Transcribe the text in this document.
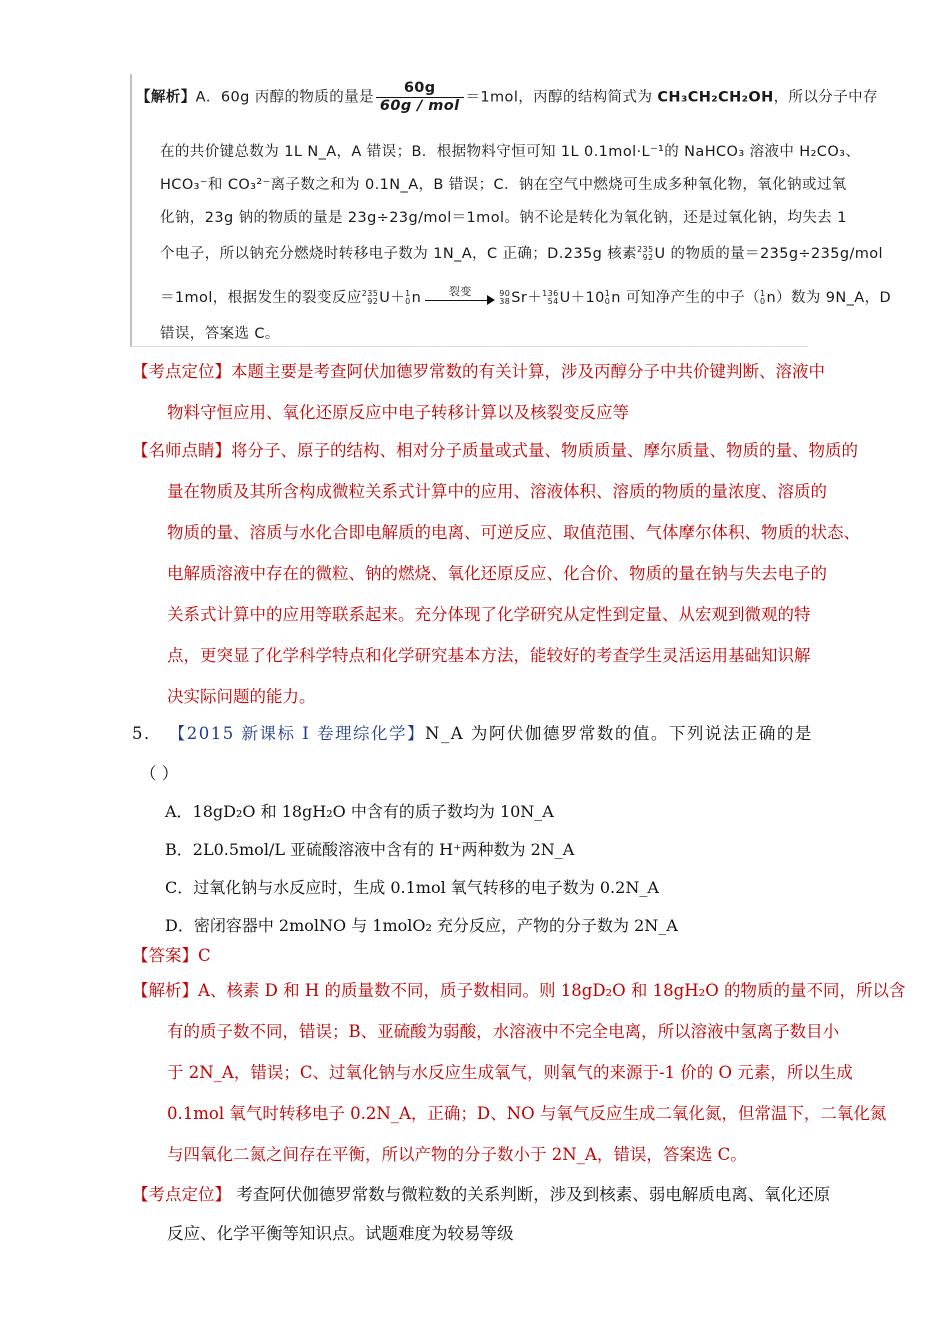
【解析】A．60g 丙醇的物质的量是 $\frac{60g}{\text{60g / mol}} =1mol$，丙醇的结构简式为 CH₃CH₂CH₂OH，所以分子中存
在的共价键总数为 1L N_A，A 错误；B．根据物料守恒可知 1L 0.1mol·L⁻¹的 NaHCO₃ 溶液中 H₂CO₃、
HCO₃⁻和 CO₃²⁻离子数之和为 0.1N_A，B 错误；C．钠在空气中燃烧可生成多种氧化物，氧化钠或过氧
化钠，23g 钠的物质的量是 23g÷23g/mol＝1mol。钠不论是转化为氧化钠，还是过氧化钠，均失去 1
个电子，所以钠充分燃烧时转移电子数为 1N_A，C 正确；D.235g 核素235
92U 的物质的量＝235g÷235g/mol
＝1mol，根据发生的裂变反应235
92U＋1
0n	裂变	90
38Sr＋136
54U＋101
0n 可知净产生的中子（1
0n）数为 9N_A，D
错误，答案选 C。
【考点定位】本题主要是考查阿伏加德罗常数的有关计算，涉及丙醇分子中共价键判断、溶液中
物料守恒应用、氧化还原反应中电子转移计算以及核裂变反应等
【名师点睛】将分子、原子的结构、相对分子质量或式量、物质质量、摩尔质量、物质的量、物质的
量在物质及其所含构成微粒关系式计算中的应用、溶液体积、溶质的物质的量浓度、溶质的
物质的量、溶质与水化合即电解质的电离、可逆反应、取值范围、气体摩尔体积、物质的状态、
电解质溶液中存在的微粒、钠的燃烧、氧化还原反应、化合价、物质的量在钠与失去电子的
关系式计算中的应用等联系起来。充分体现了化学研究从定性到定量、从宏观到微观的特
点，更突显了化学科学特点和化学研究基本方法，能较好的考查学生灵活运用基础知识解
决实际问题的能力。
5． 【2015 新课标 I 卷理综化学】N_A 为阿伏伽德罗常数的值。下列说法正确的是
（ ）
A．18gD₂O 和 18gH₂O 中含有的质子数均为 10N_A
B．2L0.5mol/L 亚硫酸溶液中含有的 H⁺两种数为 2N_A
C．过氧化钠与水反应时，生成 0.1mol 氧气转移的电子数为 0.2N_A
D．密闭容器中 2molNO 与 1molO₂ 充分反应，产物的分子数为 2N_A
【答案】C
【解析】A、核素 D 和 H 的质量数不同，质子数相同。则 18gD₂O 和 18gH₂O 的物质的量不同，所以含
有的质子数不同，错误；B、亚硫酸为弱酸，水溶液中不完全电离，所以溶液中氢离子数目小
于 2N_A，错误；C、过氧化钠与水反应生成氧气，则氧气的来源于-1 价的 O 元素，所以生成
0.1mol 氧气时转移电子 0.2N_A，正确；D、NO 与氧气反应生成二氧化氮，但常温下，二氧化氮
与四氧化二氮之间存在平衡，所以产物的分子数小于 2N_A，错误，答案选 C。
【考点定位】 考查阿伏伽德罗常数与微粒数的关系判断，涉及到核素、弱电解质电离、氧化还原
反应、化学平衡等知识点。试题难度为较易等级
